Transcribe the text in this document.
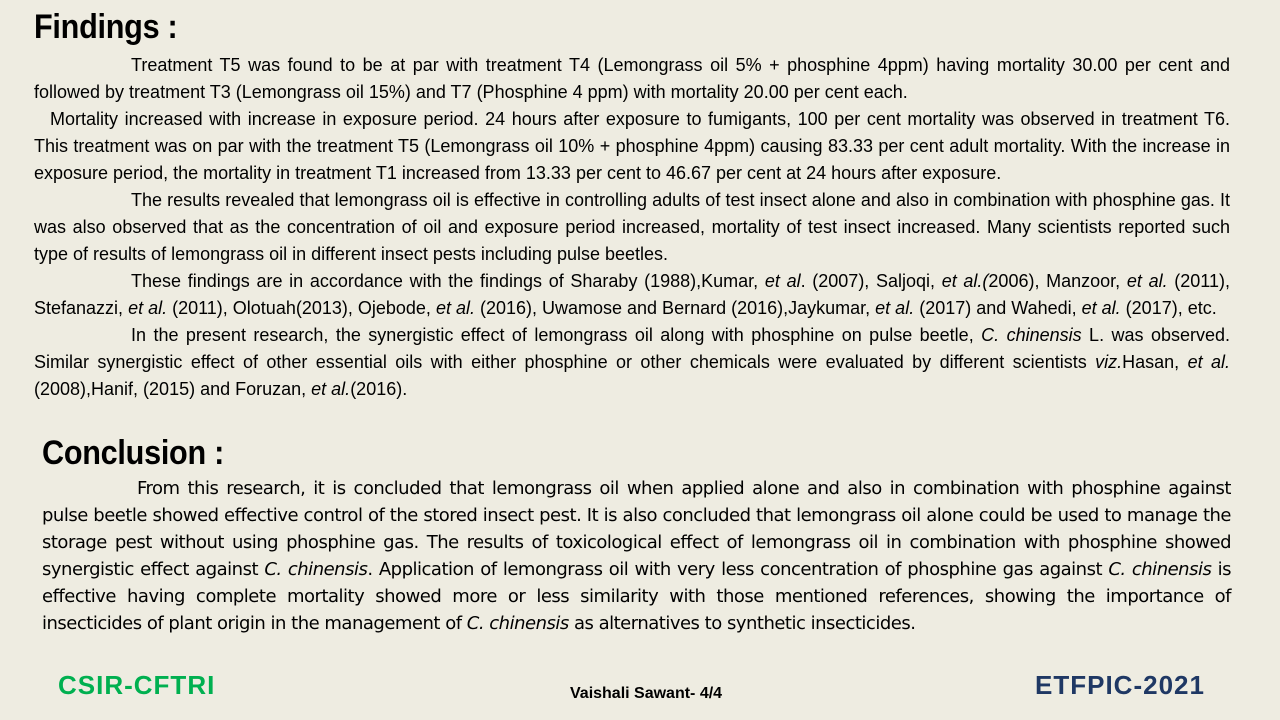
Findings :

Treatment T5 was found to be at par with treatment T4 (Lemongrass oil 5% + phosphine 4ppm) having mortality 30.00 per cent and followed by treatment T3 (Lemongrass oil 15%) and T7 (Phosphine 4 ppm) with mortality 20.00 per cent each.

Mortality increased with increase in exposure period. 24 hours after exposure to fumigants, 100 per cent mortality was observed in treatment T6. This treatment was on par with the treatment T5 (Lemongrass oil 10% + phosphine 4ppm) causing 83.33 per cent adult mortality. With the increase in exposure period, the mortality in treatment T1 increased from 13.33 per cent to 46.67 per cent at 24 hours after exposure.

The results revealed that lemongrass oil is effective in controlling adults of test insect alone and also in combination with phosphine gas. It was also observed that as the concentration of oil and exposure period increased, mortality of test insect increased. Many scientists reported such type of results of lemongrass oil in different insect pests including pulse beetles.

These findings are in accordance with the findings of Sharaby (1988),Kumar, et al. (2007), Saljoqi, et al.(2006), Manzoor, et al. (2011), Stefanazzi, et al. (2011), Olotuah(2013), Ojebode, et al. (2016), Uwamose and Bernard (2016),Jaykumar, et al. (2017) and Wahedi, et al. (2017), etc.

In the present research, the synergistic effect of lemongrass oil along with phosphine on pulse beetle, C. chinensis L. was observed. Similar synergistic effect of other essential oils with either phosphine or other chemicals were evaluated by different scientists viz.Hasan, et al.(2008),Hanif, (2015) and Foruzan, et al.(2016).

Conclusion :

From this research, it is concluded that lemongrass oil when applied alone and also in combination with phosphine against pulse beetle showed effective control of the stored insect pest. It is also concluded that lemongrass oil alone could be used to manage the storage pest without using phosphine gas. The results of toxicological effect of lemongrass oil in combination with phosphine showed synergistic effect against C. chinensis. Application of lemongrass oil with very less concentration of phosphine gas against C. chinensis is effective having complete mortality showed more or less similarity with those mentioned references, showing the importance of insecticides of plant origin in the management of C. chinensis as alternatives to synthetic insecticides.

CSIR-CFTRI	Vaishali Sawant- 4/4	ETFPIC-2021
